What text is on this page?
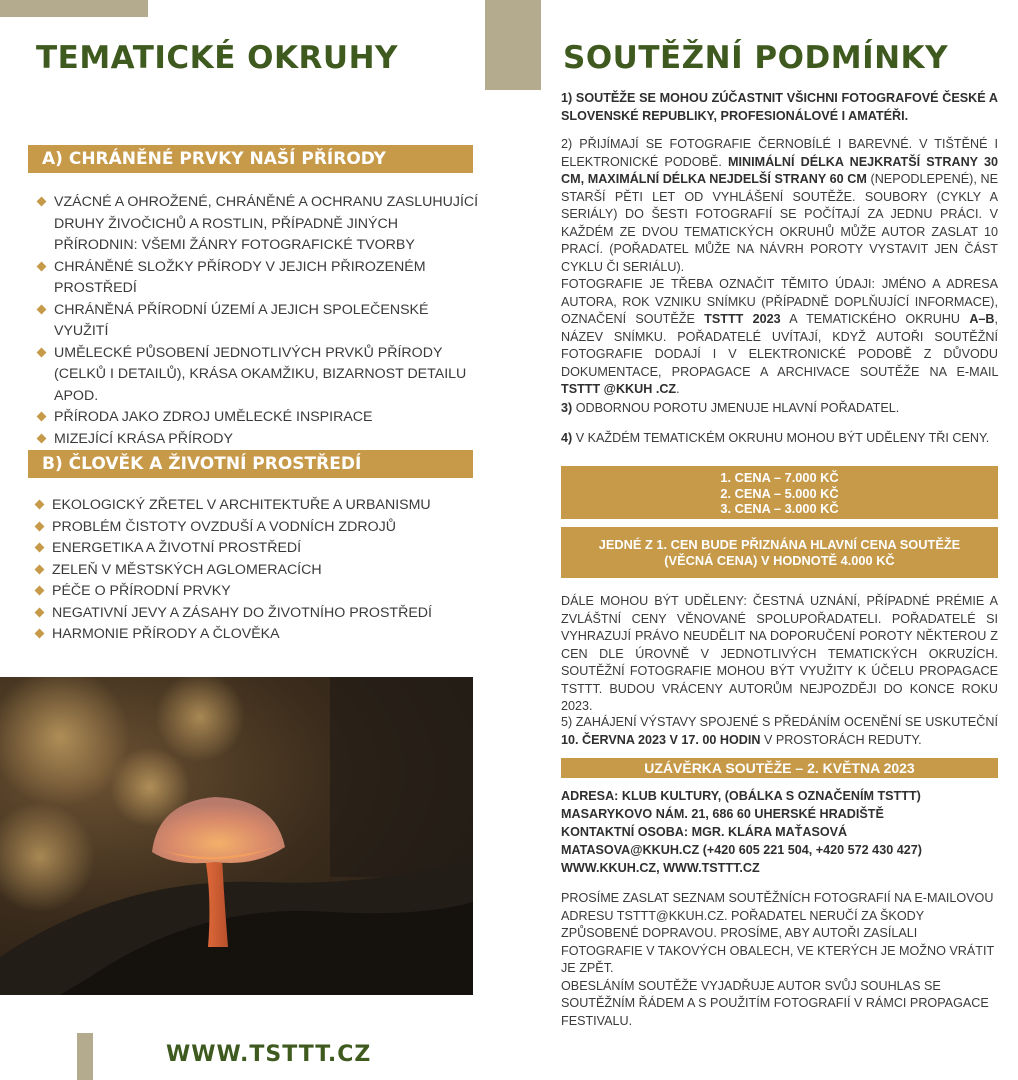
TEMATICKÉ OKRUHY
A) CHRÁNĚNÉ PRVKY NAŠÍ PŘÍRODY
VZÁCNÉ A OHROŽENÉ, CHRÁNĚNÉ A OCHRANU ZASLUHUJÍCÍ DRUHY ŽIVOČICHŮ A ROSTLIN, PŘÍPADNĚ JINÝCH PŘÍRODNIN: VŠEMI ŽÁNRY FOTOGRAFICKÉ TVORBY
CHRÁNĚNÉ SLOŽKY PŘÍRODY V JEJICH PŘIROZENÉM PROSTŘEDÍ
CHRÁNĚNÁ PŘÍRODNÍ ÚZEMÍ A JEJICH SPOLEČENSKÉ VYUŽITÍ
UMĚLECKÉ PŮSOBENÍ JEDNOTLIVÝCH PRVKŮ PŘÍRODY (CELKŮ I DETAILŮ), KRÁSA OKAMŽIKU, BIZARNOST DETAILU APOD.
PŘÍRODA JAKO ZDROJ UMĚLECKÉ INSPIRACE
MIZEJÍCÍ KRÁSA PŘÍRODY
B) ČLOVĚK A ŽIVOTNÍ PROSTŘEDÍ
EKOLOGICKÝ ZŘETEL V ARCHITEKTUŘE A URBANISMU
PROBLÉM ČISTOTY OVZDUŠÍ A VODNÍCH ZDROJŮ
ENERGETIKA A ŽIVOTNÍ PROSTŘEDÍ
ZELEŇ V MĚSTSKÝCH AGLOMERACÍCH
PÉČE O PŘÍRODNÍ PRVKY
NEGATIVNÍ JEVY A ZÁSAHY DO ŽIVOTNÍHO PROSTŘEDÍ
HARMONIE PŘÍRODY A ČLOVĚKA
WWW.TSTTT.CZ
SOUTĚŽNÍ PODMÍNKY

1) SOUTĚŽE SE MOHOU ZÚČASTNIT VŠICHNI FOTOGRAFOVÉ ČESKÉ A SLOVENSKÉ REPUBLIKY, PROFESIONÁLOVÉ I AMATÉŘI.

2) PŘIJÍMAJÍ SE FOTOGRAFIE ČERNOBÍLÉ I BAREVNÉ. V TIŠTĚNÉ I ELEKTRONICKÉ PODOBĚ. MINIMÁLNÍ DÉLKA NEJKRATŠÍ STRANY 30 CM, MAXIMÁLNÍ DÉLKA NEJDELŠÍ STRANY 60 CM (NEPODLEPENÉ), NE STARŠÍ PĚTI LET OD VYHLÁŠENÍ SOUTĚŽE. SOUBORY (CYKLY A SERIÁLY) DO ŠESTI FOTOGRAFIÍ SE POČÍTAJÍ ZA JEDNU PRÁCI. V KAŽDÉM ZE DVOU TEMATICKÝCH OKRUHŮ MŮŽE AUTOR ZASLAT 10 PRACÍ. (POŘADATEL MŮŽE NA NÁVRH POROTY VYSTAVIT JEN ČÁST CYKLU ČI SERIÁLU).

FOTOGRAFIE JE TŘEBA OZNAČIT TĚMITO ÚDAJI: JMÉNO A ADRESA AUTORA, ROK VZNIKU SNÍMKU (PŘÍPADNĚ DOPLŇUJÍCÍ INFORMACE), OZNAČENÍ SOUTĚŽE TSTTT 2023 A TEMATICKÉHO OKRUHU A–B, NÁZEV SNÍMKU. POŘADATELÉ UVÍTAJÍ, KDYŽ AUTOŘI SOUTĚŽNÍ FOTOGRAFIE DODAJÍ I V ELEKTRONICKÉ PODOBĚ Z DŮVODU DOKUMENTACE, PROPAGACE A ARCHIVACE SOUTĚŽE NA E-MAIL TSTTT @KKUH .CZ.

3) ODBORNOU POROTU JMENUJE HLAVNÍ POŘADATEL.

4) V KAŽDÉM TEMATICKÉM OKRUHU MOHOU BÝT UDĚLENY TŘI CENY.

1. CENA – 7.000 KČ
2. CENA – 5.000 KČ
3. CENA – 3.000 KČ
JEDNÉ Z 1. CEN BUDE PŘIZNÁNA HLAVNÍ CENA SOUTĚŽE
(VĚCNÁ CENA) V HODNOTĚ 4.000 KČ

DÁLE MOHOU BÝT UDĚLENY: ČESTNÁ UZNÁNÍ, PŘÍPADNÉ PRÉMIE A ZVLÁŠTNÍ CENY VĚNOVANÉ SPOLUPOŘADATELI. POŘADATELÉ SI VYHRAZUJÍ PRÁVO NEUDĚLIT NA DOPORUČENÍ POROTY NĚKTEROU Z CEN DLE ÚROVNĚ V JEDNOTLIVÝCH TEMATICKÝCH OKRUZÍCH. SOUTĚŽNÍ FOTOGRAFIE MOHOU BÝT VYUŽITY K ÚČELU PROPAGACE TSTTT. BUDOU VRÁCENY AUTORŮM NEJPOZDĚJI DO KONCE ROKU 2023.

5) ZAHÁJENÍ VÝSTAVY SPOJENÉ S PŘEDÁNÍM OCENĚNÍ SE USKUTEČNÍ 10. ČERVNA 2023 V 17. 00 HODIN V PROSTORÁCH REDUTY.

UZÁVĚRKA SOUTĚŽE – 2. KVĚTNA 2023
ADRESA: KLUB KULTURY, (OBÁLKA S OZNAČENÍM TSTTT)
MASARYKOVO NÁM. 21, 686 60 UHERSKÉ HRADIŠTĚ
KONTAKTNÍ OSOBA: MGR. KLÁRA MAŤASOVÁ
MATASOVA@KKUH.CZ (+420 605 221 504, +420 572 430 427)
WWW.KKUH.CZ, WWW.TSTTT.CZ

PROSÍME ZASLAT SEZNAM SOUTĚŽNÍCH FOTOGRAFIÍ NA E-MAILOVOU ADRESU TSTTT@KKUH.CZ. POŘADATEL NERUČÍ ZA ŠKODY ZPŮSOBENÉ DOPRAVOU. PROSÍME, ABY AUTOŘI ZASÍLALI FOTOGRAFIE V TAKOVÝCH OBALECH, VE KTERÝCH JE MOŽNO VRÁTIT JE ZPĚT.
OBESLÁNÍM SOUTĚŽE VYJADŘUJE AUTOR SVŮJ SOUHLAS SE SOUTĚŽNÍM ŘÁDEM A S POUŽITÍM FOTOGRAFIÍ V RÁMCI PROPAGACE FESTIVALU.
